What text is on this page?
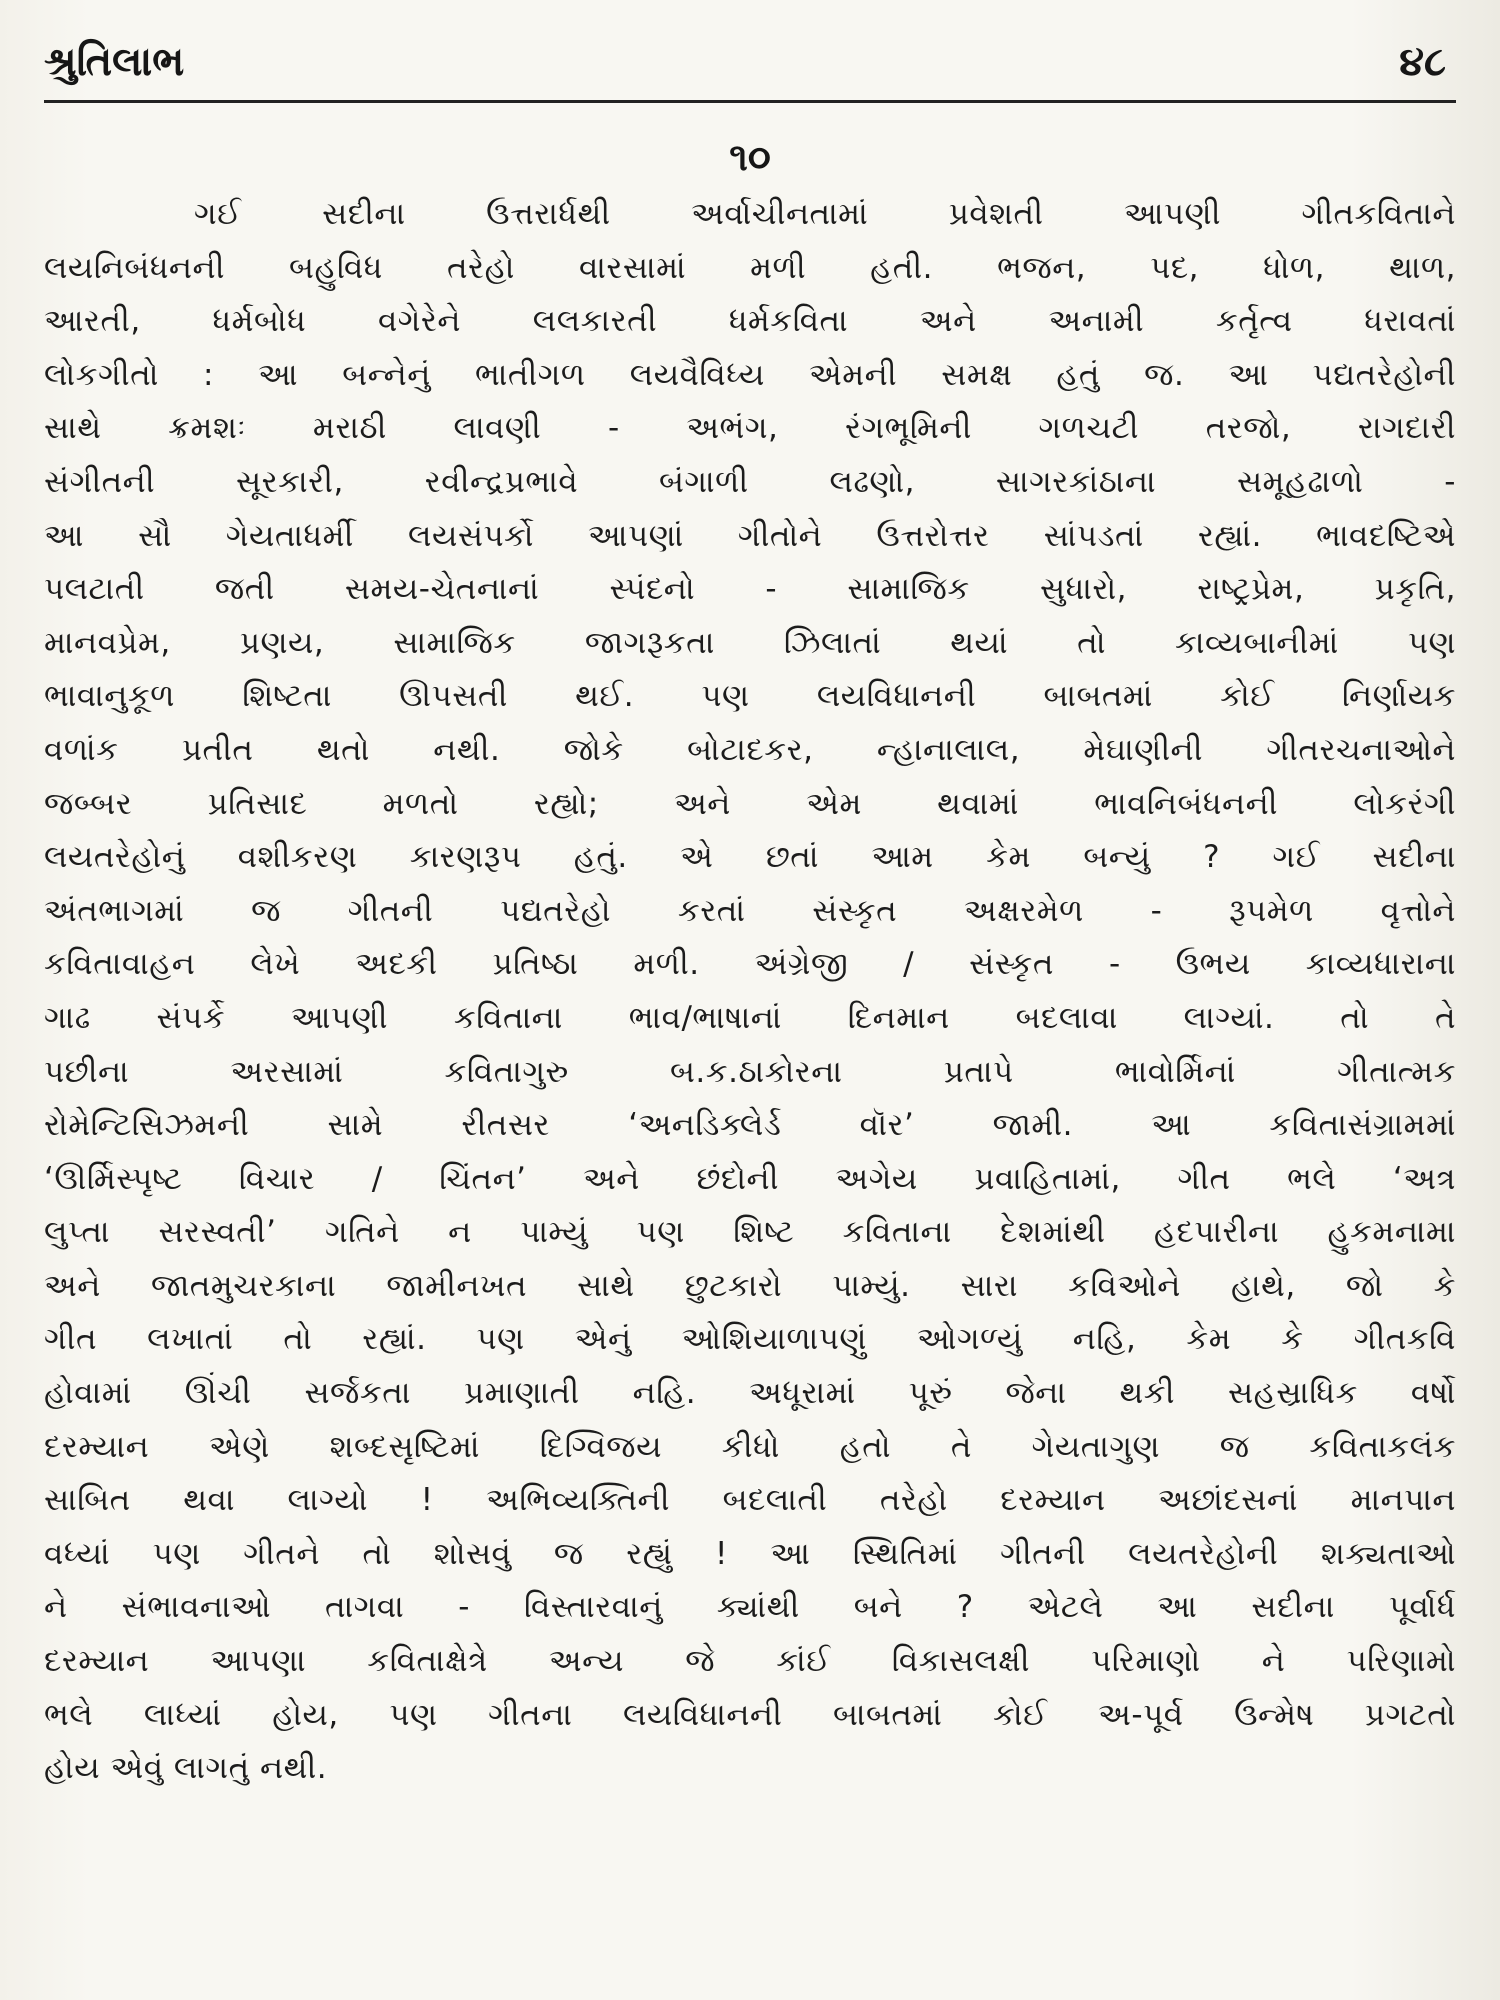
શ્રુતિલાભ	૪૮
૧૦
ગઈ સદીના ઉત્તરાર્ધથી અર્વાચીનતામાં પ્રવેશતી આપણી ગીતકવિતાને
લયનિબંધનની બહુવિધ તરેહો વારસામાં મળી હતી. ભજન, પદ, ધોળ, થાળ,
આરતી, ધર્મબોધ વગેરેને લલકારતી ધર્મકવિતા અને અનામી કર્તૃત્વ ધરાવતાં
લોકગીતો : આ બન્નેનું ભાતીગળ લયવૈવિધ્ય એમની સમક્ષ હતું જ. આ પદ્યતરેહોની
સાથે ક્રમશઃ મરાઠી લાવણી - અભંગ, રંગભૂમિની ગળચટી તરજો, રાગદારી
સંગીતની સૂરકારી, રવીન્દ્રપ્રભાવે બંગાળી લઢણો, સાગરકાંઠાના સમૂહઢાળો -
આ સૌ ગેયતાધર્મી લયસંપર્કો આપણાં ગીતોને ઉત્તરોત્તર સાંપડતાં રહ્યાં. ભાવદષ્ટિએ
પલટાતી જતી સમય-ચેતનાનાં સ્પંદનો - સામાજિક સુધારો, રાષ્ટ્રપ્રેમ, પ્રકૃતિ,
માનવપ્રેમ, પ્રણય, સામાજિક જાગરૂકતા ઝિલાતાં થયાં તો કાવ્યબાનીમાં પણ
ભાવાનુકૂળ શિષ્ટતા ઊપસતી થઈ. પણ લયવિધાનની બાબતમાં કોઈ નિર્ણાયક
વળાંક પ્રતીત થતો નથી. જોકે બોટાદકર, ન્હાનાલાલ, મેઘાણીની ગીતરચનાઓને
જબ્બર પ્રતિસાદ મળતો રહ્યો; અને એમ થવામાં ભાવનિબંધનની લોકરંગી
લયતરેહોનું વશીકરણ કારણરૂપ હતું. એ છતાં આમ કેમ બન્યું ? ગઈ સદીના
અંતભાગમાં જ ગીતની પદ્યતરેહો કરતાં સંસ્કૃત અક્ષરમેળ - રૂપમેળ વૃત્તોને
કવિતાવાહન લેખે અદકી પ્રતિષ્ઠા મળી. અંગ્રેજી / સંસ્કૃત - ઉભય કાવ્યધારાના
ગાઢ સંપર્કે આપણી કવિતાના ભાવ/ભાષાનાં દિનમાન બદલાવા લાગ્યાં. તો તે
પછીના અરસામાં કવિતાગુરુ બ.ક.ઠાકોરના પ્રતાપે ભાવોર્મિનાં ગીતાત્મક
રોમેન્ટિસિઝમની સામે રીતસર ‘અનડિક્લેર્ડ વૉર’ જામી. આ કવિતાસંગ્રામમાં
‘ઊર્મિસ્પૃષ્ટ વિચાર / ચિંતન’ અને છંદોની અગેય પ્રવાહિતામાં, ગીત ભલે ‘અત્ર
લુપ્તા સરસ્વતી’ ગતિને ન પામ્યું પણ શિષ્ટ કવિતાના દેશમાંથી હદપારીના હુકમનામા
અને જાતમુચરકાના જામીનખત સાથે છુટકારો પામ્યું. સારા કવિઓને હાથે, જો કે
ગીત લખાતાં તો રહ્યાં. પણ એનું ઓશિયાળાપણું ઓગળ્યું નહિ, કેમ કે ગીતકવિ
હોવામાં ઊંચી સર્જકતા પ્રમાણાતી નહિ. અધૂરામાં પૂરું જેના થકી સહસ્રાધિક વર્ષો
દરમ્યાન એણે શબ્દસૃષ્ટિમાં દિગ્વિજય કીધો હતો તે ગેયતાગુણ જ કવિતાકલંક
સાબિત થવા લાગ્યો ! અભિવ્યક્તિની બદલાતી તરેહો દરમ્યાન અછાંદસનાં માનપાન
વધ્યાં પણ ગીતને તો શોસવું જ રહ્યું ! આ સ્થિતિમાં ગીતની લયતરેહોની શક્યતાઓ
ને સંભાવનાઓ તાગવા - વિસ્તારવાનું ક્યાંથી બને ? એટલે આ સદીના પૂર્વાર્ધ
દરમ્યાન આપણા કવિતાક્ષેત્રે અન્ય જે કાંઈ વિકાસલક્ષી પરિમાણો ને પરિણામો
ભલે લાધ્યાં હોય, પણ ગીતના લયવિધાનની બાબતમાં કોઈ અ-પૂર્વ ઉન્મેષ પ્રગટતો
હોય એવું લાગતું નથી.
